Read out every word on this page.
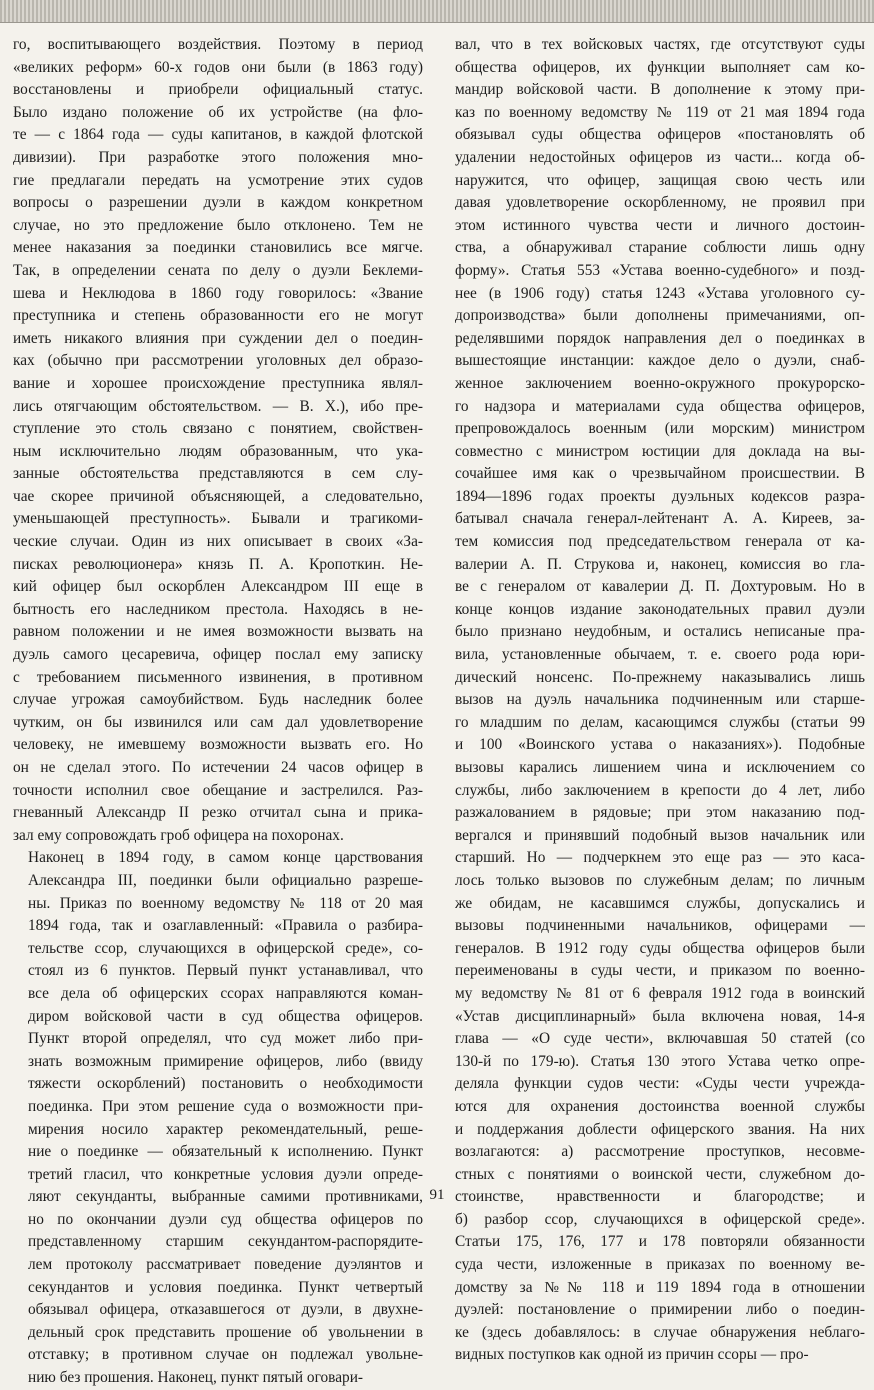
го, воспитывающего воздействия. Поэтому в период
«великих реформ» 60-х годов они были (в 1863 году)
восстановлены и приобрели официальный статус.
Было издано положение об их устройстве (на фло-
те — с 1864 года — суды капитанов, в каждой флотской
дивизии). При разработке этого положения мно-
гие предлагали передать на усмотрение этих судов
вопросы о разрешении дуэли в каждом конкретном
случае, но это предложение было отклонено. Тем не
менее наказания за поединки становились все мягче.
Так, в определении сената по делу о дуэли Беклеми-
шева и Неклюдова в 1860 году говорилось: «Звание
преступника и степень образованности его не могут
иметь никакого влияния при суждении дел о поедин-
ках (обычно при рассмотрении уголовных дел образо-
вание и хорошее происхождение преступника являл-
лись отягчающим обстоятельством. — В. Х.), ибо пре-
ступление это столь связано с понятием, свойствен-
ным исключительно людям образованным, что ука-
занные обстоятельства представляются в сем слу-
чае скорее причиной объясняющей, а следовательно,
уменьшающей преступность». Бывали и трагикоми-
ческие случаи. Один из них описывает в своих «За-
писках революционера» князь П. А. Кропоткин. Не-
кий офицер был оскорблен Александром III еще в
бытность его наследником престола. Находясь в не-
равном положении и не имея возможности вызвать на
дуэль самого цесаревича, офицер послал ему записку
с требованием письменного извинения, в противном
случае угрожая самоубийством. Будь наследник более
чутким, он бы извинился или сам дал удовлетворение
человеку, не имевшему возможности вызвать его. Но
он не сделал этого. По истечении 24 часов офицер в
точности исполнил свое обещание и застрелился. Раз-
гневанный Александр II резко отчитал сына и прика-
зал ему сопровождать гроб офицера на похоронах.

Наконец в 1894 году, в самом конце царствования
Александра III, поединки были официально разреше-
ны. Приказ по военному ведомству № 118 от 20 мая
1894 года, так и озаглавленный: «Правила о разбира-
тельстве ссор, случающихся в офицерской среде», со-
стоял из 6 пунктов. Первый пункт устанавливал, что
все дела об офицерских ссорах направляются коман-
диром войсковой части в суд общества офицеров.
Пункт второй определял, что суд может либо при-
знать возможным примирение офицеров, либо (ввиду
тяжести оскорблений) постановить о необходимости
поединка. При этом решение суда о возможности при-
мирения носило характер рекомендательный, реше-
ние о поединке — обязательный к исполнению. Пункт
третий гласил, что конкретные условия дуэли опреде-
ляют секунданты, выбранные самими противниками,
но по окончании дуэли суд общества офицеров по
представленному старшим секундантом-распорядите-
лем протоколу рассматривает поведение дуэлянтов и
секундантов и условия поединка. Пункт четвертый
обязывал офицера, отказавшегося от дуэли, в двухне-
дельный срок представить прошение об увольнении в
отставку; в противном случае он подлежал увольне-
нию без прошения. Наконец, пункт пятый оговари-

вал, что в тех войсковых частях, где отсутствуют суды
общества офицеров, их функции выполняет сам ко-
мандир войсковой части. В дополнение к этому при-
каз по военному ведомству № 119 от 21 мая 1894 года
обязывал суды общества офицеров «постановлять об
удалении недостойных офицеров из части... когда об-
наружится, что офицер, защищая свою честь или
давая удовлетворение оскорбленному, не проявил при
этом истинного чувства чести и личного достоин-
ства, а обнаруживал старание соблюсти лишь одну
форму». Статья 553 «Устава военно-судебного» и позд-
нее (в 1906 году) статья 1243 «Устава уголовного су-
допроизводства» были дополнены примечаниями, оп-
ределявшими порядок направления дел о поединках в
вышестоящие инстанции: каждое дело о дуэли, снаб-
женное заключением военно-окружного прокурорско-
го надзора и материалами суда общества офицеров,
препровождалось военным (или морским) министром
совместно с министром юстиции для доклада на вы-
сочайшее имя как о чрезвычайном происшествии. В
1894—1896 годах проекты дуэльных кодексов разра-
батывал сначала генерал-лейтенант А. А. Киреев, за-
тем комиссия под председательством генерала от ка-
валерии А. П. Струкова и, наконец, комиссия во гла-
ве с генералом от кавалерии Д. П. Дохтуровым. Но в
конце концов издание законодательных правил дуэли
было признано неудобным, и остались неписаные пра-
вила, установленные обычаем, т. е. своего рода юри-
дический нонсенс. По-прежнему наказывались лишь
вызов на дуэль начальника подчиненным или старше-
го младшим по делам, касающимся службы (статьи 99
и 100 «Воинского устава о наказаниях»). Подобные
вызовы карались лишением чина и исключением со
службы, либо заключением в крепости до 4 лет, либо
разжалованием в рядовые; при этом наказанию под-
вергался и принявший подобный вызов начальник или
старший. Но — подчеркнем это еще раз — это касa-
лось только вызовов по служебным делам; по личным
же обидам, не касавшимся службы, допускались и
вызовы подчиненными начальников, офицерами —
генералов. В 1912 году суды общества офицеров были
переименованы в суды чести, и приказом по военно-
му ведомству № 81 от 6 февраля 1912 года в воинский
«Устав дисциплинарный» была включена новая, 14-я
глава — «О суде чести», включавшая 50 статей (со
130-й по 179-ю). Статья 130 этого Устава четко опре-
деляла функции судов чести: «Суды чести учрежда-
ются для охранения достоинства военной службы
и поддержания доблести офицерского звания. На них
возлагаются: а) рассмотрение проступков, несовме-
стных с понятиями о воинской чести, служебном до-
стоинстве, нравственности и благородстве; и
б) разбор ссор, случающихся в офицерской среде».
Статьи 175, 176, 177 и 178 повторяли обязанности
суда чести, изложенные в приказах по военному ве-
домству за №№ 118 и 119 1894 года в отношении
дуэлей: постановление о примирении либо о поедин-
ке (здесь добавлялось: в случае обнаружения неблаго-
видных поступков как одной из причин ссоры — про-

91
